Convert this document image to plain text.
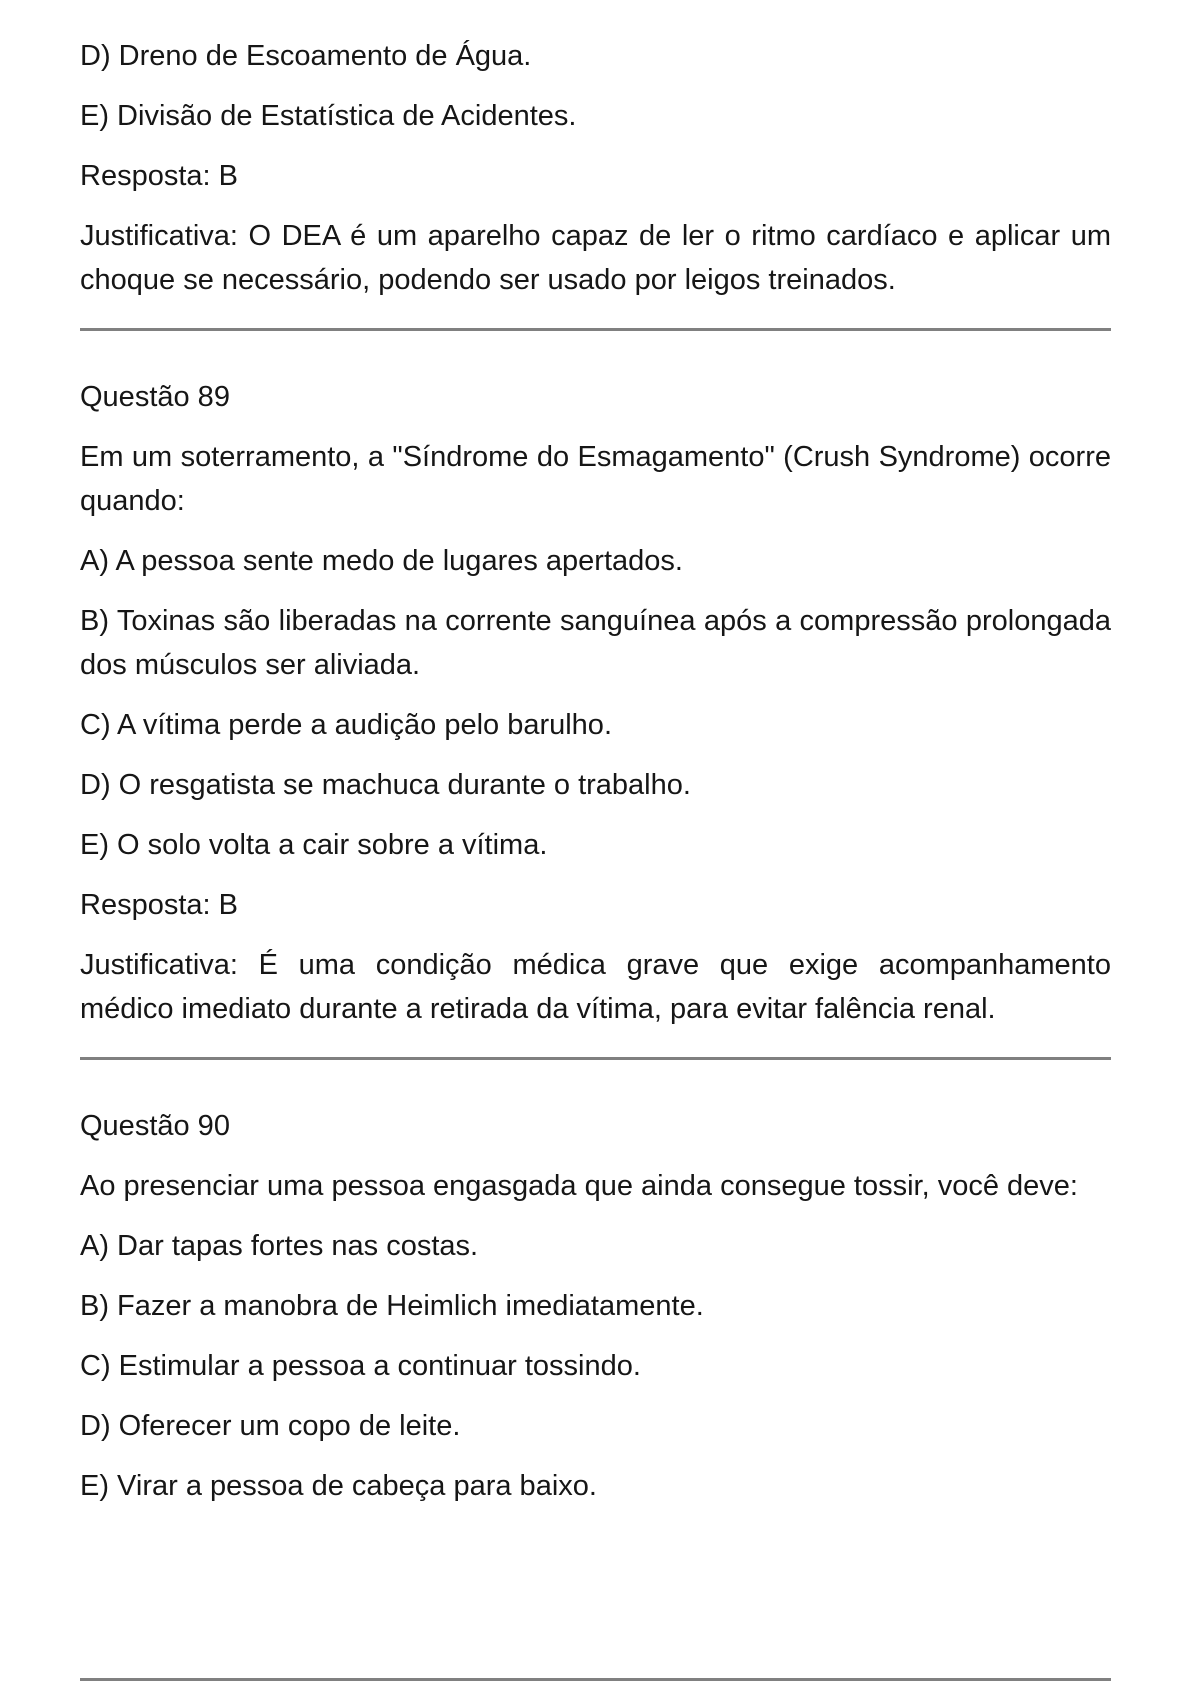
D) Dreno de Escoamento de Água.

E) Divisão de Estatística de Acidentes.

Resposta: B

Justificativa: O DEA é um aparelho capaz de ler o ritmo cardíaco e aplicar um choque se necessário, podendo ser usado por leigos treinados.

Questão 89

Em um soterramento, a "Síndrome do Esmagamento" (Crush Syndrome) ocorre quando:

A) A pessoa sente medo de lugares apertados.

B) Toxinas são liberadas na corrente sanguínea após a compressão prolongada dos músculos ser aliviada.

C) A vítima perde a audição pelo barulho.

D) O resgatista se machuca durante o trabalho.

E) O solo volta a cair sobre a vítima.

Resposta: B

Justificativa: É uma condição médica grave que exige acompanhamento médico imediato durante a retirada da vítima, para evitar falência renal.

Questão 90

Ao presenciar uma pessoa engasgada que ainda consegue tossir, você deve:

A) Dar tapas fortes nas costas.

B) Fazer a manobra de Heimlich imediatamente.

C) Estimular a pessoa a continuar tossindo.

D) Oferecer um copo de leite.

E) Virar a pessoa de cabeça para baixo.
